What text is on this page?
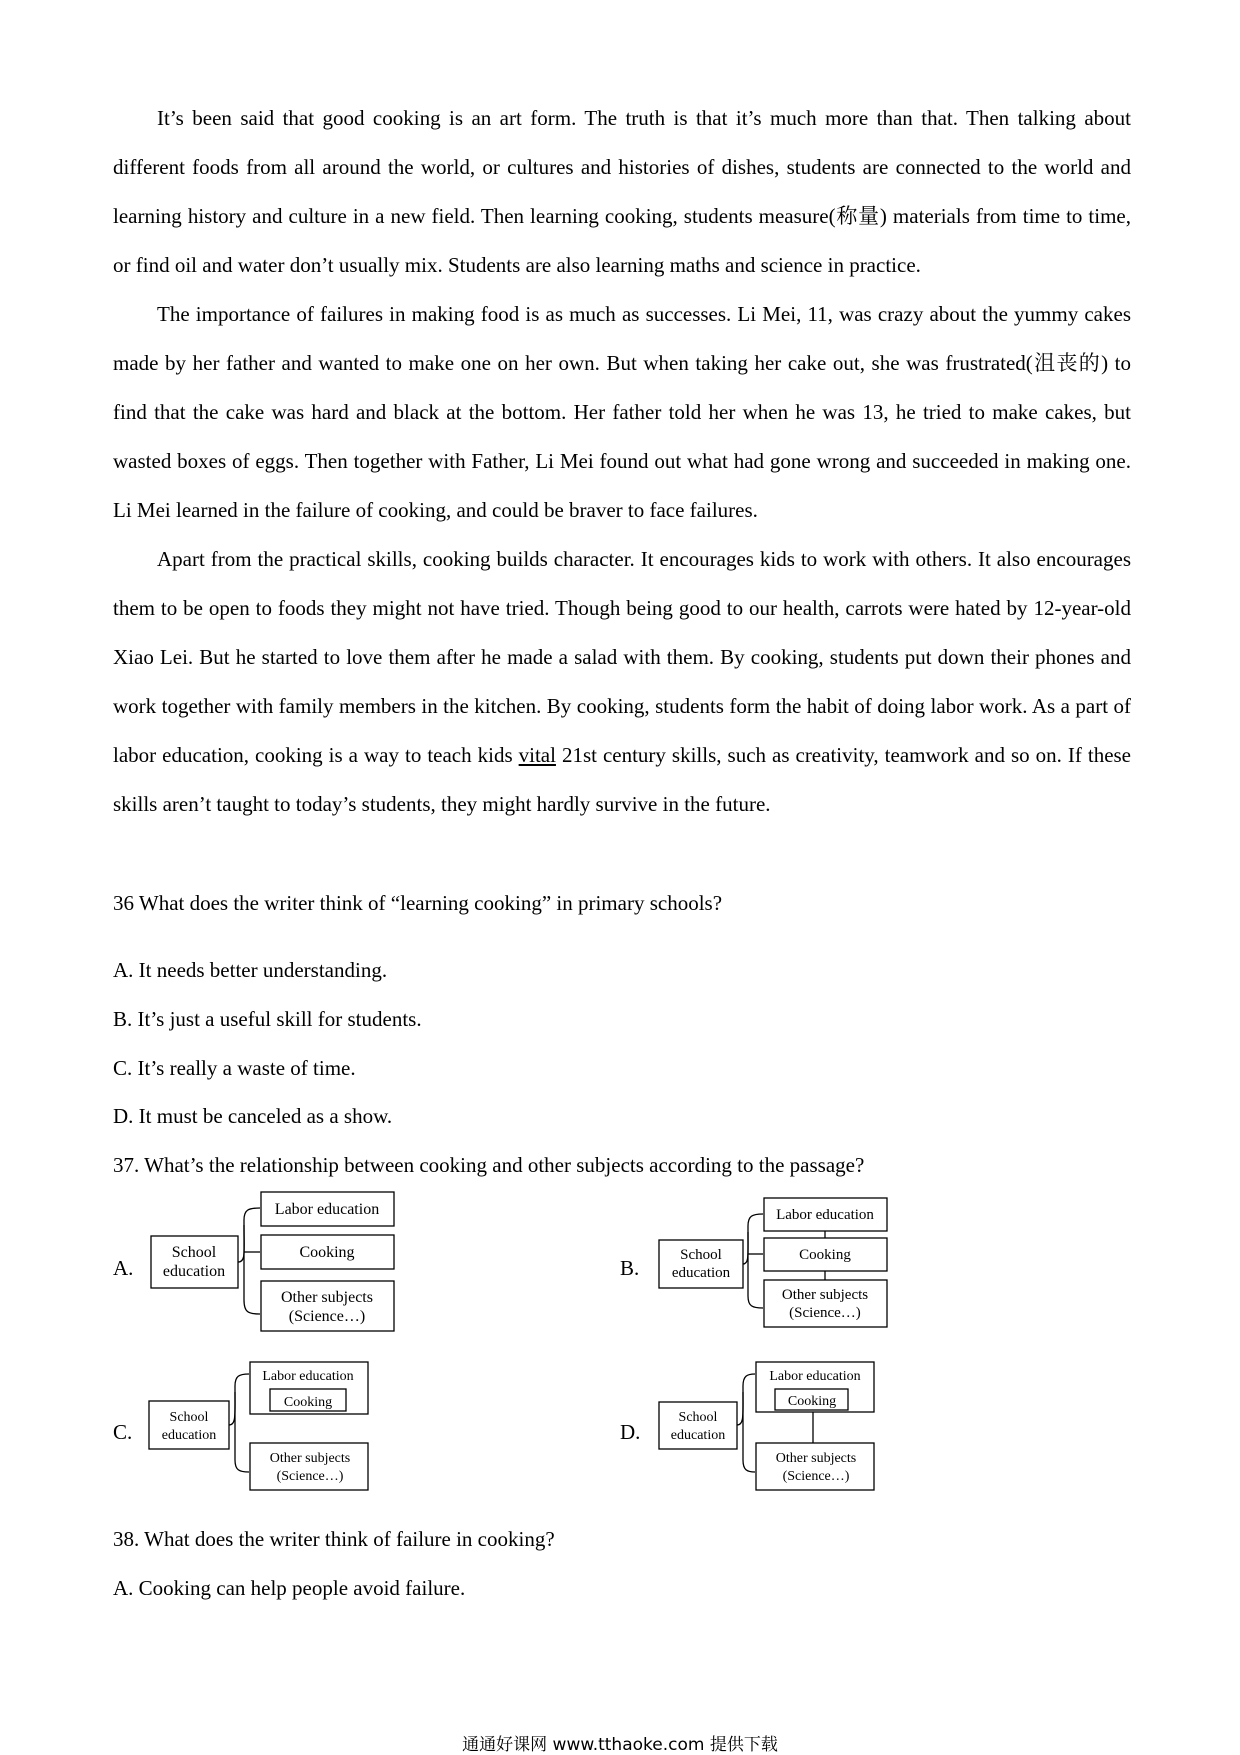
It’s been said that good cooking is an art form. The truth is that it’s much more than that. Then talking about different foods from all around the world, or cultures and histories of dishes, students are connected to the world and learning history and culture in a new field. Then learning cooking, students measure(称量) materials from time to time, or find oil and water don’t usually mix. Students are also learning maths and science in practice.

The importance of failures in making food is as much as successes. Li Mei, 11, was crazy about the yummy cakes made by her father and wanted to make one on her own. But when taking her cake out, she was frustrated(沮丧的) to find that the cake was hard and black at the bottom. Her father told her when he was 13, he tried to make cakes, but wasted boxes of eggs. Then together with Father, Li Mei found out what had gone wrong and succeeded in making one. Li Mei learned in the failure of cooking, and could be braver to face failures.

Apart from the practical skills, cooking builds character. It encourages kids to work with others. It also encourages them to be open to foods they might not have tried. Though being good to our health, carrots were hated by 12-year-old Xiao Lei. But he started to love them after he made a salad with them. By cooking, students put down their phones and work together with family members in the kitchen. By cooking, students form the habit of doing labor work. As a part of labor education, cooking is a way to teach kids vital 21st century skills, such as creativity, teamwork and so on. If these skills aren’t taught to today’s students, they might hardly survive in the future.

36 What does the writer think of “learning cooking” in primary schools?

A. It needs better understanding.

B. It’s just a useful skill for students.

C. It’s really a waste of time.

D. It must be canceled as a show.

37. What’s the relationship between cooking and other subjects according to the passage?

A.	B.
C.	D.
School
education
Labor education
Cooking
Other subjects
(Science…)
School
education
Labor education
Cooking
Other subjects
(Science…)
School
education
Labor education
Cooking
Other subjects
(Science…)
School
education
Labor education
Cooking
Other subjects
(Science…)

38. What does the writer think of failure in cooking?

A. Cooking can help people avoid failure.

通通好课网 www.tthaoke.com 提供下载
